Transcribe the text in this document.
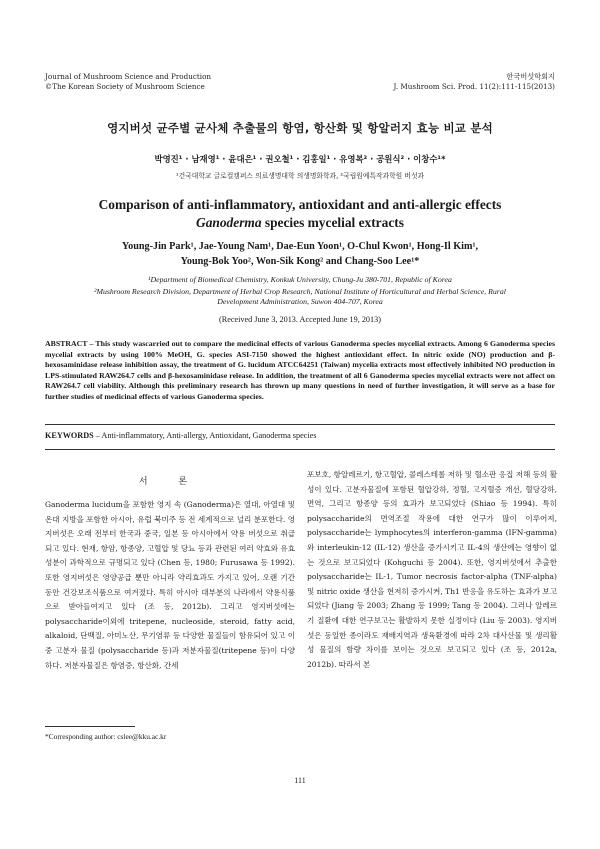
Journal of Mushroom Science and Production
©The Korean Society of Mushroom Science
한국버섯학회지
J. Mushroom Sci. Prod. 11(2):111-115(2013)
영지버섯 균주별 균사체 추출물의 항염, 항산화 및 항알러지 효능 비교 분석
박영진¹ · 남재영¹ · 윤대은¹ · 권오철¹ · 김홍일¹ · 유영복² · 공원식² · 이창수¹*
¹건국대학교 글로컬캠퍼스 의료생명대학 의생명화학과, ²국립원예특작과학원 버섯과
Comparison of anti-inflammatory, antioxidant and anti-allergic effects
Ganoderma species mycelial extracts
Young-Jin Park¹, Jae-Young Nam¹, Dae-Eun Yoon¹, O-Chul Kwon¹, Hong-Il Kim¹,
Young-Bok Yoo², Won-Sik Kong² and Chang-Soo Lee¹*
¹Department of Biomedical Chemistry, Konkuk University, Chung-Ju 380-701, Republic of Korea
²Mushroom Research Division, Department of Herbal Crop Research, National Institute of Horticultural and Herbal Science, Rural
Development Administration, Suwon 404-707, Korea
(Received June 3, 2013. Accepted June 19, 2013)
ABSTRACT – This study wascarried out to compare the medicinal effects of various Ganoderma species mycelial extracts. Among 6 Ganoderma species mycelial extracts by using 100% MeOH, G. species ASI-7150 showed the highest antioxidant effect. In nitric oxide (NO) production and β-hexosaminidase release inhibition assay, the treatment of G. lucidum ATCC64251 (Taiwan) mycelia extracts most effectively inhibited NO production in LPS-stimulated RAW264.7 cells and β-hexosaminidase release. In addition, the treatment of all 6 Ganoderma species mycelial extracts were not affect on RAW264.7 cell viability. Although this preliminary research has thrown up many questions in need of further investigation, it will serve as a base for further studies of medicinal effects of various Ganoderma species.
KEYWORDS – Anti-inflammatory, Anti-allergy, Antioxidant, Ganoderma species
서 론
Ganoderma lucidum을 포함한 영지 속 (Ganoderma)은 열대, 아열대 및 온대 지방을 포함한 아시아, 유럽 북미주 등 전 세계적으로 널리 분포한다. 영지버섯은 오래 전부터 한국과 중국, 일본 등 아시아에서 약용 버섯으로 취급되고 있다. 현재, 항암, 항종양, 고혈압 및 당뇨 등과 관련된 여러 약효와 유효성분이 과학적으로 규명되고 있다 (Chen 등, 1980; Furusawa 등 1992). 또한 영지버섯은 영양공급 뿐만 아니라 약리효과도 가지고 있어, 오랜 기간 동안 건강보조식품으로 여겨졌다. 특히 아시아 대부분의 나라에서 약용식품으로 받아들여지고 있다 (조 등, 2012b). 그리고 영지버섯에는 polysaccharide이외에 tritepene, nucleoside, steroid, fatty acid, alkaloid, 단백질, 아미노산, 무기염류 등 다양한 물질들이 함유되어 있고 이 중 고분자 물질 (polysaccharide 등)과 저분자물질(tritepene 등)이 다양하다. 저분자물질은 항염증, 항산화, 간세
포보호, 항알레르기, 항고혈압, 콜레스테롤 저하 및 혈소판 응집 저해 등의 활성이 있다. 고분자물질에 포함된 혈압강하, 정혈, 고지혈증 개선, 혈당강하, 면역, 그리고 항종양 등의 효과가 보고되었다 (Shiao 등 1994). 특히 polysaccharide의 면역조절 작용에 대한 연구가 많이 이루어져, polysaccharide는 lymphocytes의 interferon-gamma (IFN-gamma)와 interleukin-12 (IL-12) 생산을 증가시키고 IL-4의 생산에는 영향이 없는 것으로 보고되었다 (Kohguchi 등 2004). 또한, 영지버섯에서 추출한 polysaccharide는 IL-1, Tumor necrosis factor-alpha (TNF-alpha) 및 nitric oxide 생산을 현저히 증가시켜, Th1 반응을 유도하는 효과가 보고되었다 (Jiang 등 2003; Zhang 등 1999; Tang 등 2004). 그러나 알레르기 질환에 대한 연구보고는 활발하지 못한 실정이다 (Liu 등 2003). 영지버섯은 동일한 종이라도 재배지역과 생육환경에 따라 2차 대사산물 및 생리활성 물질의 함량 차이를 보이는 것으로 보고되고 있다 (조 등, 2012a, 2012b). 따라서 본
*Corresponding author: cslee@kku.ac.kr
111
